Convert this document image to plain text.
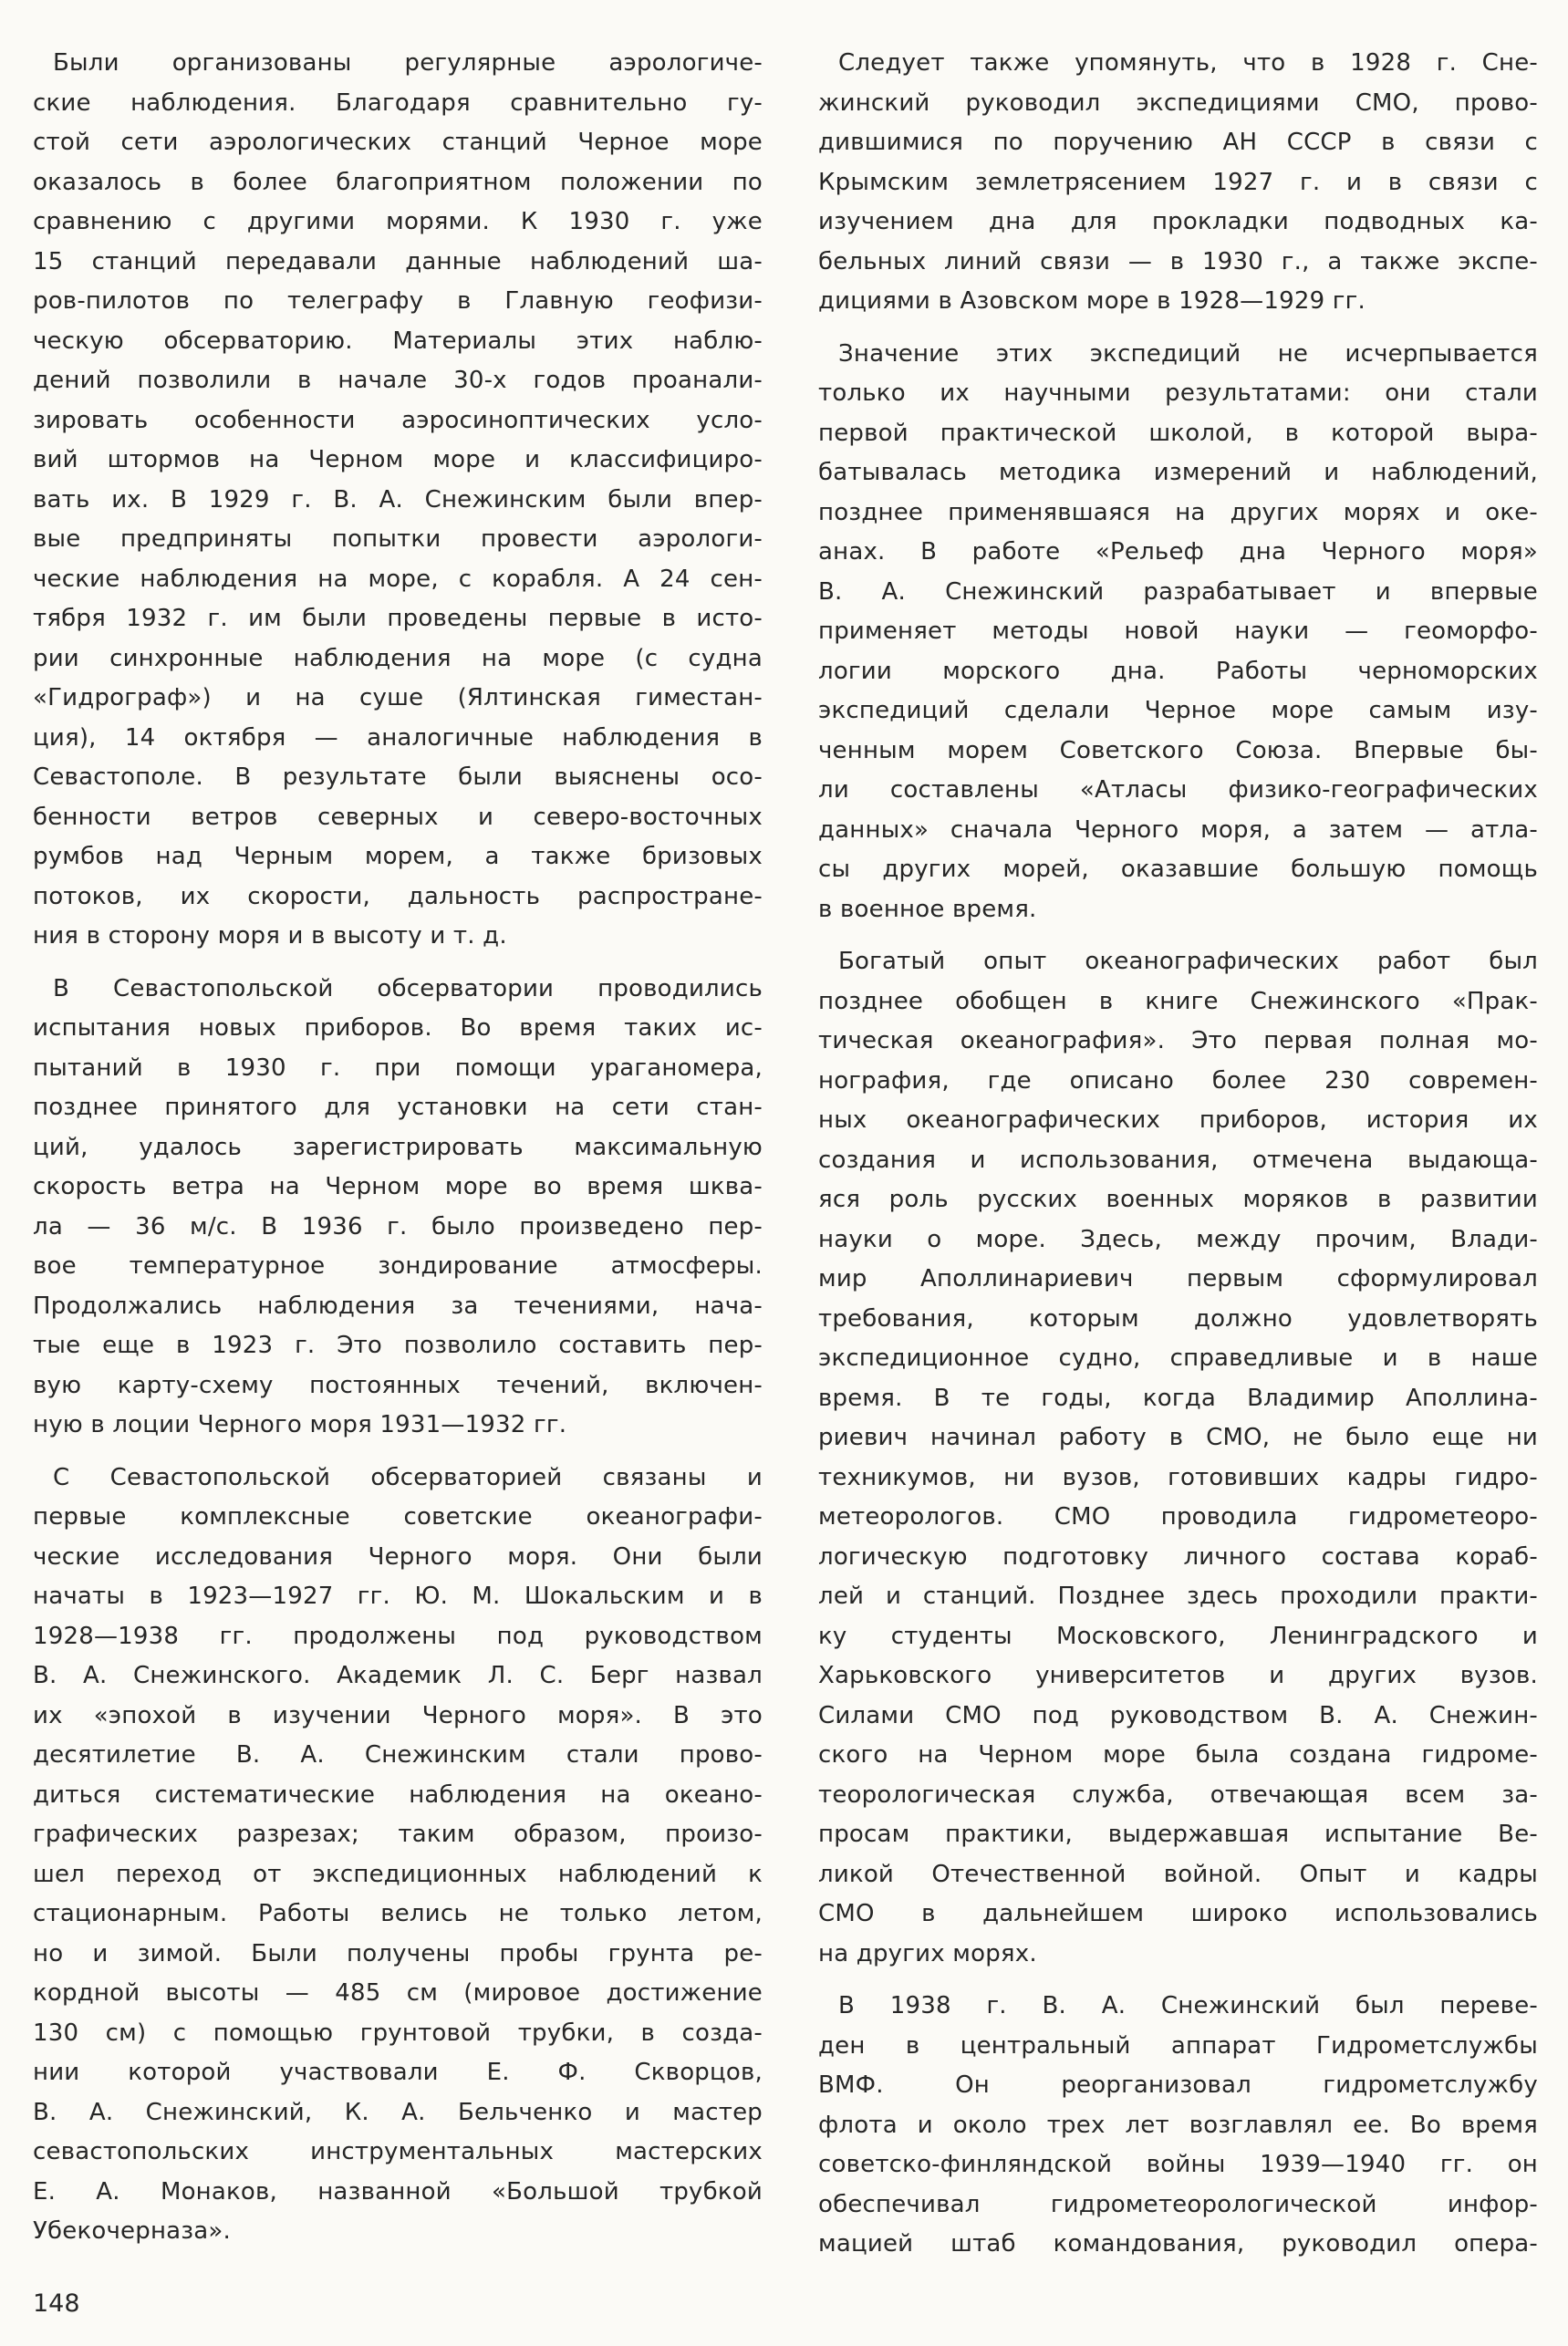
Были организованы регулярные аэрологиче-
ские наблюдения. Благодаря сравнительно гу-
стой сети аэрологических станций Черное море
оказалось в более благоприятном положении по
сравнению с другими морями. К 1930 г. уже
15 станций передавали данные наблюдений ша-
ров-пилотов по телеграфу в Главную геофизи-
ческую обсерваторию. Материалы этих наблю-
дений позволили в начале 30-х годов проанали-
зировать особенности аэросиноптических усло-
вий штормов на Черном море и классифициро-
вать их. В 1929 г. В. А. Снежинским были впер-
вые предприняты попытки провести аэрологи-
ческие наблюдения на море, с корабля. А 24 сен-
тября 1932 г. им были проведены первые в исто-
рии синхронные наблюдения на море (с судна
«Гидрограф») и на суше (Ялтинская гиместан-
ция), 14 октября — аналогичные наблюдения в
Севастополе. В результате были выяснены осо-
бенности ветров северных и северо-восточных
румбов над Черным морем, а также бризовых
потоков, их скорости, дальность распростране-
ния в сторону моря и в высоту и т. д.
В Севастопольской обсерватории проводились
испытания новых приборов. Во время таких ис-
пытаний в 1930 г. при помощи ураганомера,
позднее принятого для установки на сети стан-
ций, удалось зарегистрировать максимальную
скорость ветра на Черном море во время шква-
ла — 36 м/с. В 1936 г. было произведено пер-
вое температурное зондирование атмосферы.
Продолжались наблюдения за течениями, нача-
тые еще в 1923 г. Это позволило составить пер-
вую карту-схему постоянных течений, включен-
ную в лоции Черного моря 1931—1932 гг.
С Севастопольской обсерваторией связаны и
первые комплексные советские океанографи-
ческие исследования Черного моря. Они были
начаты в 1923—1927 гг. Ю. М. Шокальским и в
1928—1938 гг. продолжены под руководством
В. А. Снежинского. Академик Л. С. Берг назвал
их «эпохой в изучении Черного моря». В это
десятилетие В. А. Снежинским стали прово-
диться систематические наблюдения на океано-
графических разрезах; таким образом, произо-
шел переход от экспедиционных наблюдений к
стационарным. Работы велись не только летом,
но и зимой. Были получены пробы грунта ре-
кордной высоты — 485 см (мировое достижение
130 см) с помощью грунтовой трубки, в созда-
нии которой участвовали Е. Ф. Скворцов,
В. А. Снежинский, К. А. Бельченко и мастер
севастопольских инструментальных мастерских
Е. А. Монаков, названной «Большой трубкой
Убекочерназа».
Следует также упомянуть, что в 1928 г. Сне-
жинский руководил экспедициями СМО, прово-
дившимися по поручению АН СССР в связи с
Крымским землетрясением 1927 г. и в связи с
изучением дна для прокладки подводных ка-
бельных линий связи — в 1930 г., а также экспе-
дициями в Азовском море в 1928—1929 гг.
Значение этих экспедиций не исчерпывается
только их научными результатами: они стали
первой практической школой, в которой выра-
батывалась методика измерений и наблюдений,
позднее применявшаяся на других морях и оке-
анах. В работе «Рельеф дна Черного моря»
В. А. Снежинский разрабатывает и впервые
применяет методы новой науки — геоморфо-
логии морского дна. Работы черноморских
экспедиций сделали Черное море самым изу-
ченным морем Советского Союза. Впервые бы-
ли составлены «Атласы физико-географических
данных» сначала Черного моря, а затем — атла-
сы других морей, оказавшие большую помощь
в военное время.
Богатый опыт океанографических работ был
позднее обобщен в книге Снежинского «Прак-
тическая океанография». Это первая полная мо-
нография, где описано более 230 современ-
ных океанографических приборов, история их
создания и использования, отмечена выдающа-
яся роль русских военных моряков в развитии
науки о море. Здесь, между прочим, Влади-
мир Аполлинариевич первым сформулировал
требования, которым должно удовлетворять
экспедиционное судно, справедливые и в наше
время. В те годы, когда Владимир Аполлина-
риевич начинал работу в СМО, не было еще ни
техникумов, ни вузов, готовивших кадры гидро-
метеорологов. СМО проводила гидрометеоро-
логическую подготовку личного состава кораб-
лей и станций. Позднее здесь проходили практи-
ку студенты Московского, Ленинградского и
Харьковского университетов и других вузов.
Силами СМО под руководством В. А. Снежин-
ского на Черном море была создана гидроме-
теорологическая служба, отвечающая всем за-
просам практики, выдержавшая испытание Ве-
ликой Отечественной войной. Опыт и кадры
СМО в дальнейшем широко использовались
на других морях.
В 1938 г. В. А. Снежинский был переве-
ден в центральный аппарат Гидрометслужбы
ВМФ. Он реорганизовал гидрометслужбу
флота и около трех лет возглавлял ее. Во время
советско-финляндской войны 1939—1940 гг. он
обеспечивал гидрометеорологической инфор-
мацией штаб командования, руководил опера-
148
